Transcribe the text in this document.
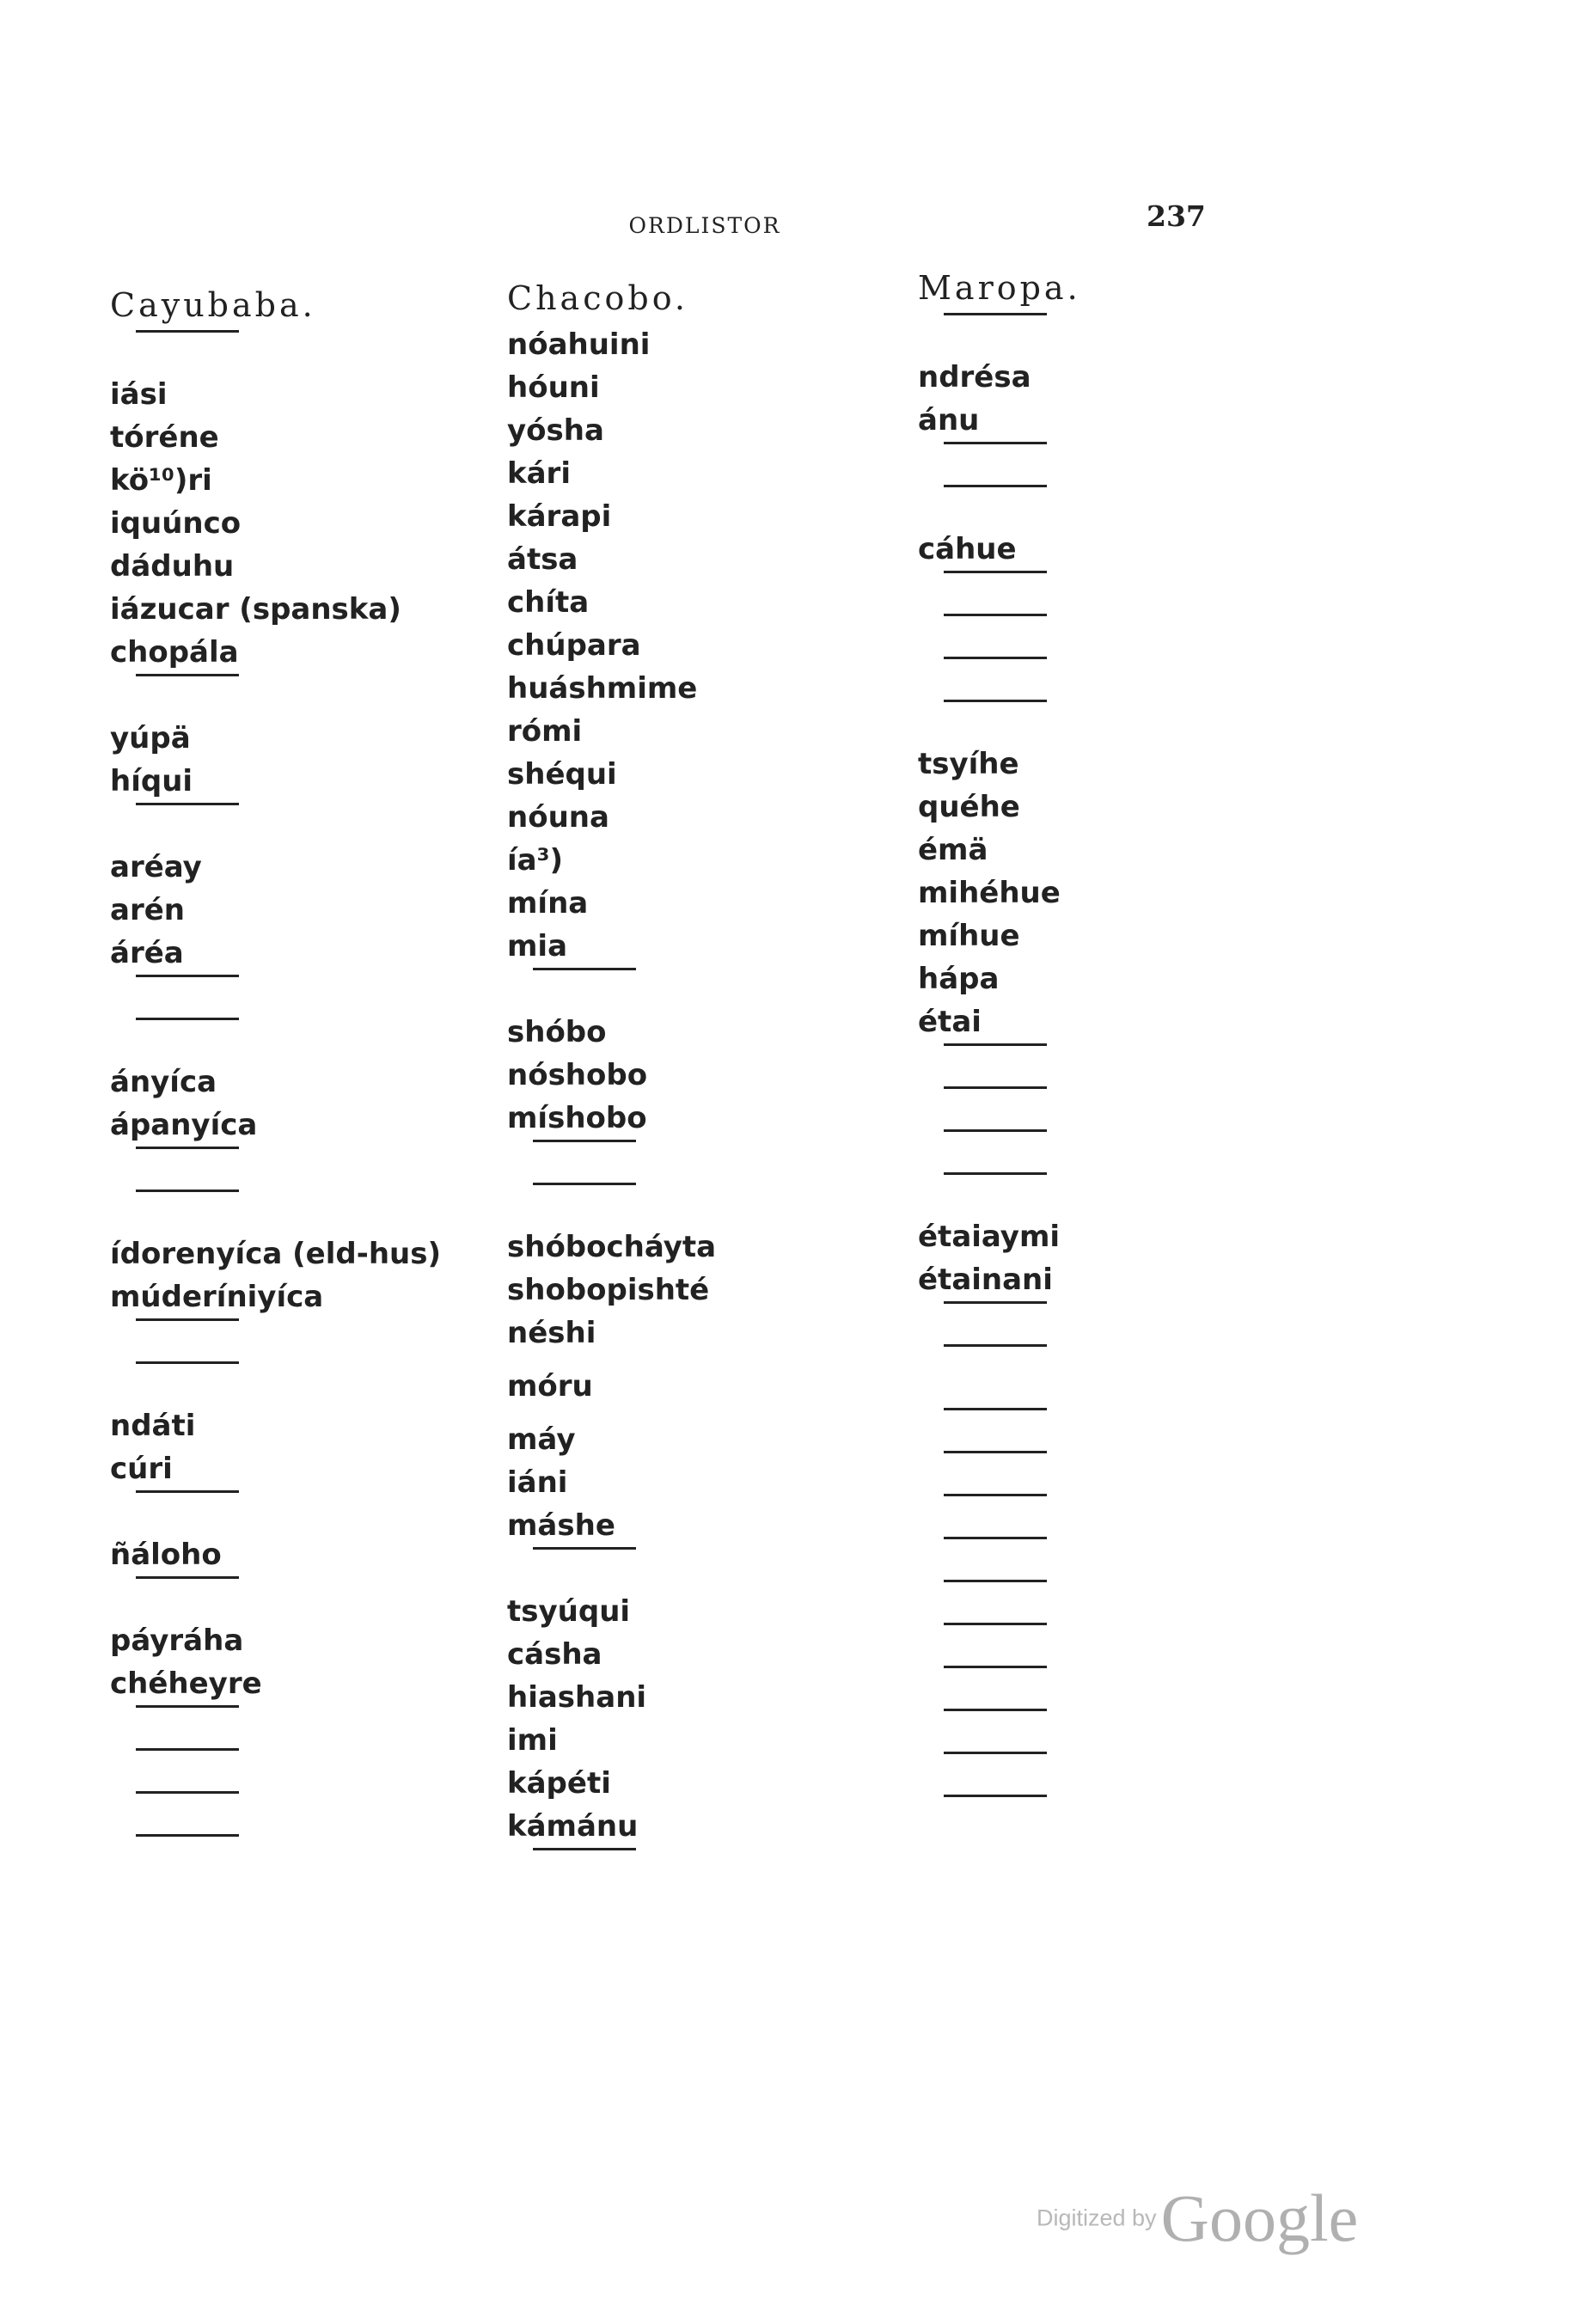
ORDLISTOR	237
Cayubaba.
iási
tóréne
kö¹⁰)ri
iquúnco
dáduhu
iázucar (spanska)
chopála
yúpä
híqui
aréay
arén
áréa
ányíca
ápanyíca
ídorenyíca (eld-hus)
múderíniyíca
ndáti
cúri
ñáloho
páyráha
chéheyre
Chacobo.
nóahuini
hóuni
yósha
kári
kárapi
átsa
chíta
chúpara
huáshmime
rómi
shéqui
nóuna
ía³)
mína
mia
shóbo
nóshobo
míshobo
shóbocháyta
shobopishté
néshi
móru
máy
iáni
máshe
tsyúqui
cásha
hiashani
imi
kápéti
kámánu
Maropa.
ndrésa
ánu
cáhue
tsyíhe
quéhe
émä
mihéhue
míhue
hápa
étai
étaiaymi
étainani
Digitized by Google
